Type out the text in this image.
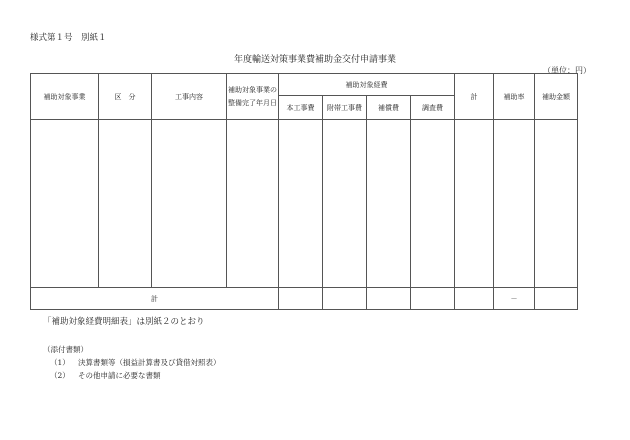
様式第１号　別紙１
年度輸送対策事業費補助金交付申請事業
（単位：円）
補助対象事業	区　分	工事内容	補助対象事業の
整備完了年月日	補助対象経費				計	補助率	補助金額
				本工事費	附帯工事費	補償費	調査費			

計									－	
「補助対象経費明細表」は別紙２のとおり
（添付書類）
（1） 決算書類等（損益計算書及び貸借対照表）
（2） その他申請に必要な書類
